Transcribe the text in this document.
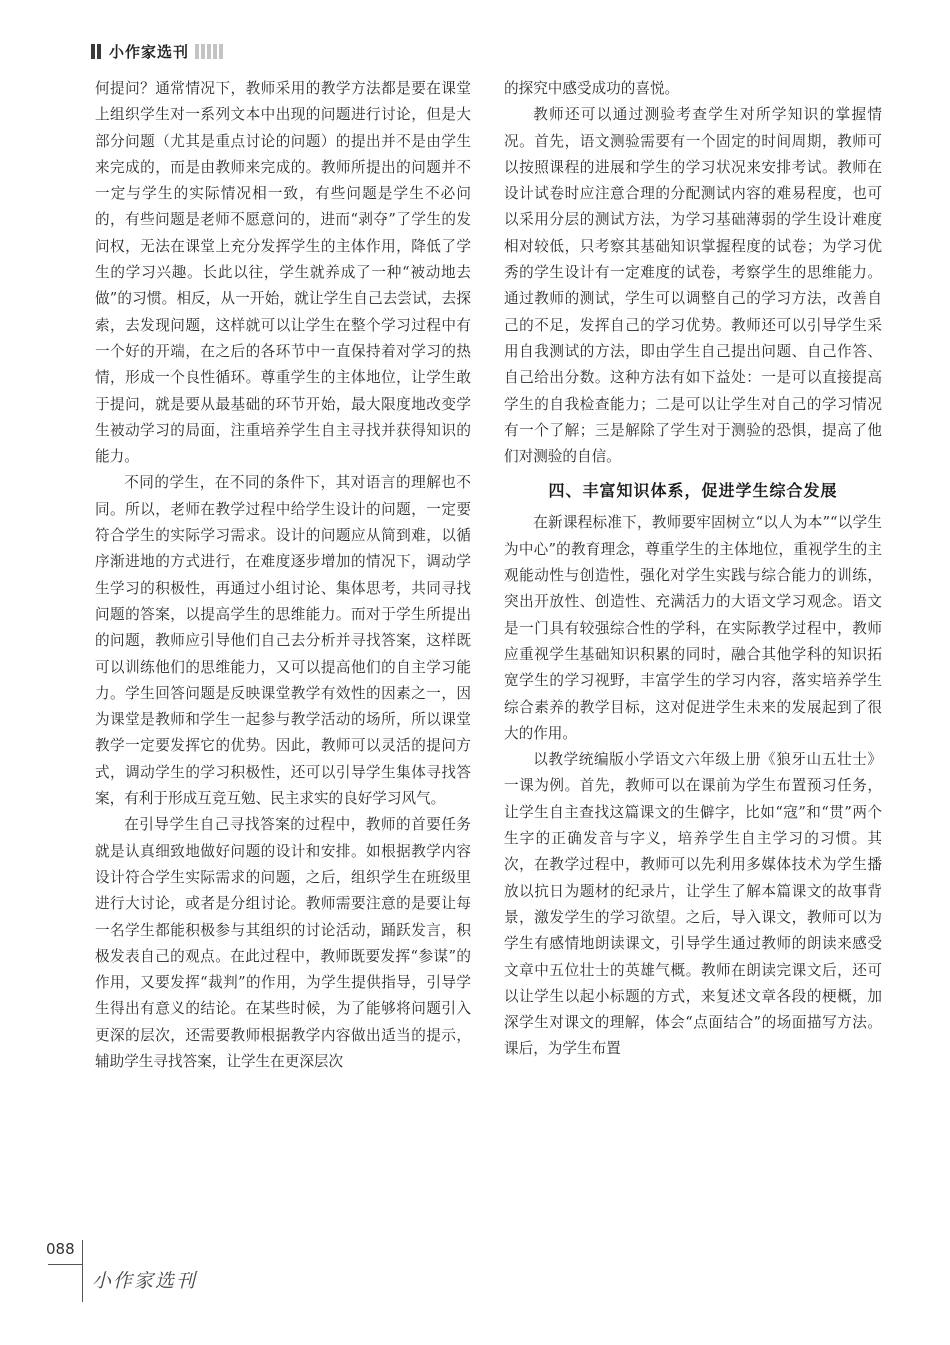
小作家选刊

何提问？通常情况下，教师采用的教学方法都是要在课堂上组织学生对一系列文本中出现的问题进行讨论，但是大部分问题（尤其是重点讨论的问题）的提出并不是由学生来完成的，而是由教师来完成的。教师所提出的问题并不一定与学生的实际情况相一致，有些问题是学生不必问的，有些问题是老师不愿意问的，进而“剥夺”了学生的发问权，无法在课堂上充分发挥学生的主体作用，降低了学生的学习兴趣。长此以往，学生就养成了一种“被动地去做”的习惯。相反，从一开始，就让学生自己去尝试，去探索，去发现问题，这样就可以让学生在整个学习过程中有一个好的开端，在之后的各环节中一直保持着对学习的热情，形成一个良性循环。尊重学生的主体地位，让学生敢于提问，就是要从最基础的环节开始，最大限度地改变学生被动学习的局面，注重培养学生自主寻找并获得知识的能力。

不同的学生，在不同的条件下，其对语言的理解也不同。所以，老师在教学过程中给学生设计的问题，一定要符合学生的实际学习需求。设计的问题应从简到难，以循序渐进地的方式进行，在难度逐步增加的情况下，调动学生学习的积极性，再通过小组讨论、集体思考，共同寻找问题的答案，以提高学生的思维能力。而对于学生所提出的问题，教师应引导他们自己去分析并寻找答案，这样既可以训练他们的思维能力，又可以提高他们的自主学习能力。学生回答问题是反映课堂教学有效性的因素之一，因为课堂是教师和学生一起参与教学活动的场所，所以课堂教学一定要发挥它的优势。因此，教师可以灵活的提问方式，调动学生的学习积极性，还可以引导学生集体寻找答案，有利于形成互竞互勉、民主求实的良好学习风气。

在引导学生自己寻找答案的过程中，教师的首要任务就是认真细致地做好问题的设计和安排。如根据教学内容设计符合学生实际需求的问题，之后，组织学生在班级里进行大讨论，或者是分组讨论。教师需要注意的是要让每一名学生都能积极参与其组织的讨论活动，踊跃发言，积极发表自己的观点。在此过程中，教师既要发挥“参谋”的作用，又要发挥“裁判”的作用，为学生提供指导，引导学生得出有意义的结论。在某些时候，为了能够将问题引入更深的层次，还需要教师根据教学内容做出适当的提示，辅助学生寻找答案，让学生在更深层次

的探究中感受成功的喜悦。

教师还可以通过测验考查学生对所学知识的掌握情况。首先，语文测验需要有一个固定的时间周期，教师可以按照课程的进展和学生的学习状况来安排考试。教师在设计试卷时应注意合理的分配测试内容的难易程度，也可以采用分层的测试方法，为学习基础薄弱的学生设计难度相对较低，只考察其基础知识掌握程度的试卷；为学习优秀的学生设计有一定难度的试卷，考察学生的思维能力。通过教师的测试，学生可以调整自己的学习方法，改善自己的不足，发挥自己的学习优势。教师还可以引导学生采用自我测试的方法，即由学生自己提出问题、自己作答、自己给出分数。这种方法有如下益处：一是可以直接提高学生的自我检查能力；二是可以让学生对自己的学习情况有一个了解；三是解除了学生对于测验的恐惧，提高了他们对测验的自信。

四、丰富知识体系，促进学生综合发展

在新课程标准下，教师要牢固树立“以人为本”“以学生为中心”的教育理念，尊重学生的主体地位，重视学生的主观能动性与创造性，强化对学生实践与综合能力的训练，突出开放性、创造性、充满活力的大语文学习观念。语文是一门具有较强综合性的学科，在实际教学过程中，教师应重视学生基础知识积累的同时，融合其他学科的知识拓宽学生的学习视野，丰富学生的学习内容，落实培养学生综合素养的教学目标，这对促进学生未来的发展起到了很大的作用。

以教学统编版小学语文六年级上册《狼牙山五壮士》一课为例。首先，教师可以在课前为学生布置预习任务，让学生自主查找这篇课文的生僻字，比如“寇”和“贯”两个生字的正确发音与字义，培养学生自主学习的习惯。其次，在教学过程中，教师可以先利用多媒体技术为学生播放以抗日为题材的纪录片，让学生了解本篇课文的故事背景，激发学生的学习欲望。之后，导入课文，教师可以为学生有感情地朗读课文，引导学生通过教师的朗读来感受文章中五位壮士的英雄气概。教师在朗读完课文后，还可以让学生以起小标题的方式，来复述文章各段的梗概，加深学生对课文的理解，体会“点面结合”的场面描写方法。课后，为学生布置

088
小作家选刊
